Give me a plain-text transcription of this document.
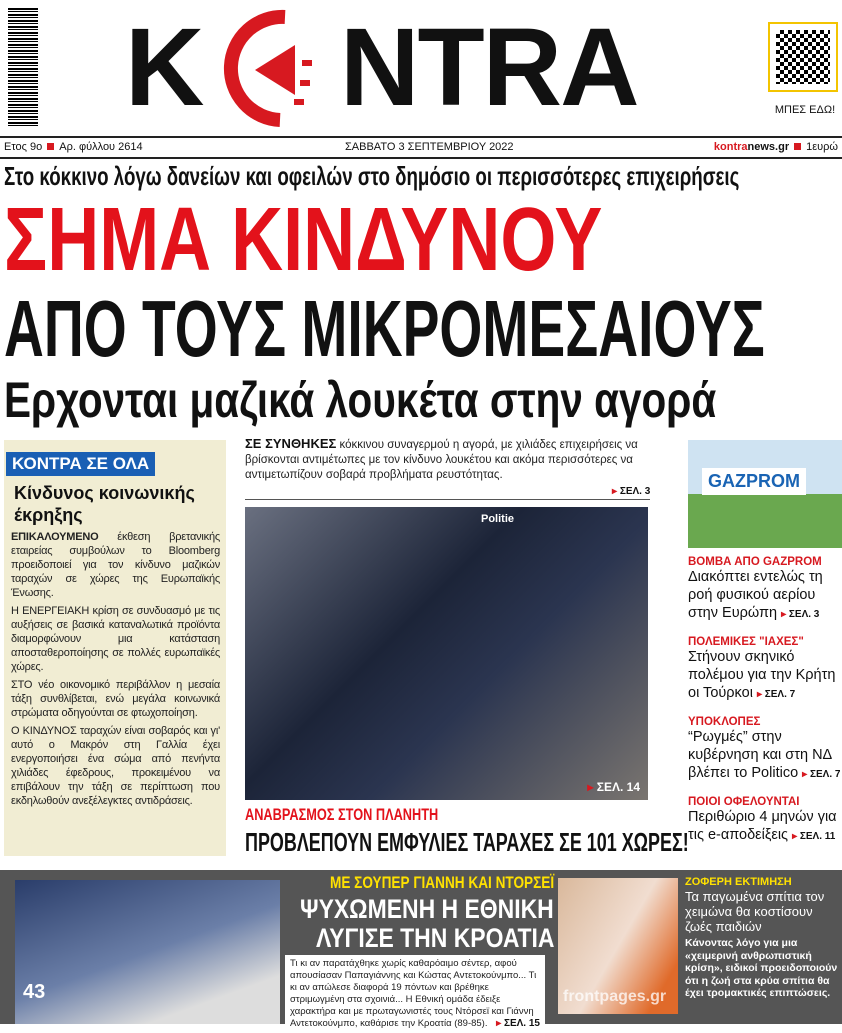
K NTRA	ΜΠΕΣ ΕΔΩ!
Ετος 9ο Αρ. φύλλου 2614	ΣΑΒΒΑΤΟ 3 ΣΕΠΤΕΜΒΡΙΟΥ 2022	kontranews.gr 1ευρώ
Στο κόκκινο λόγω δανείων και οφειλών στο δημόσιο οι περισσότερες επιχειρήσεις
ΣΗΜΑ ΚΙΝΔΥΝΟΥ
ΑΠΟ ΤΟΥΣ ΜΙΚΡΟΜΕΣΑΙΟΥΣ
Ερχονται μαζικά λουκέτα στην αγορά
ΚΟΝΤΡΑ ΣΕ ΟΛΑ
Κίνδυνος κοινωνικής έκρηξης

ΕΠΙΚΑΛΟΥΜΕΝΟ έκθεση βρετανικής εταιρείας συμβούλων το Bloomberg προειδοποιεί για τον κίνδυνο μαζικών ταραχών σε χώρες της Ευρωπαϊκής Ένωσης.

Η ΕΝΕΡΓΕΙΑΚΗ κρίση σε συνδυασμό με τις αυξήσεις σε βασικά καταναλωτικά προϊόντα διαμορφώνουν μια κατάσταση αποσταθεροποίησης σε πολλές ευρωπαϊκές χώρες.

ΣΤΟ νέο οικονομικό περιβάλλον η μεσαία τάξη συνθλίβεται, ενώ μεγάλα κοινωνικά στρώματα οδηγούνται σε φτωχοποίηση.

Ο ΚΙΝΔΥΝΟΣ ταραχών είναι σοβαρός και γι' αυτό ο Μακρόν στη Γαλλία έχει ενεργοποιήσει ένα σώμα από πενήντα χιλιάδες έφεδρους, προκειμένου να επιβάλουν την τάξη σε περίπτωση που εκδηλωθούν ανεξέλεγκτες αντιδράσεις.

ΣΕ ΣΥΝΘΗΚΕΣ κόκκινου συναγερμού η αγορά, με χιλιάδες επιχειρήσεις να βρίσκονται αντιμέτωπες με τον κίνδυνο λουκέτου και ακόμα περισσότερες να αντιμετωπίζουν σοβαρά προβλήματα ρευστότητας.
▸ ΣΕΛ. 3
Politie
▸ ΣΕΛ. 14
ΑΝΑΒΡΑΣΜΟΣ ΣΤΟΝ ΠΛΑΝΗΤΗ
ΠΡΟΒΛΕΠΟΥΝ ΕΜΦΥΛΙΕΣ ΤΑΡΑΧΕΣ ΣΕ 101 ΧΩΡΕΣ!
GAZPROM
ΒΟΜΒΑ ΑΠΟ GAZPROM
Διακόπτει εντελώς τη ροή φυσικού αερίου στην Ευρώπη ▸ ΣΕΛ. 3
ΠΟΛΕΜΙΚΕΣ "ΙΑΧΕΣ"
Στήνουν σκηνικό πολέμου για την Κρήτη οι Τούρκοι ▸ ΣΕΛ. 7
ΥΠΟΚΛΟΠΕΣ
“Ρωγμές” στην κυβέρνηση και στη ΝΔ βλέπει το Politico ▸ ΣΕΛ. 7
ΠΟΙΟΙ ΟΦΕΛΟΥΝΤΑΙ
Περιθώριο 4 μηνών για τις e-αποδείξεις ▸ ΣΕΛ. 11
43
ΜΕ ΣΟΥΠΕΡ ΓΙΑΝΝΗ ΚΑΙ ΝΤΟΡΣΕΪ
ΨΥΧΩΜΕΝΗ Η ΕΘΝΙΚΗ
ΛΥΓΙΣΕ ΤΗΝ ΚΡΟΑΤΙΑ
Τι κι αν παρατάχθηκε χωρίς καθαρόαιμο σέντερ, αφού απουσίασαν Παπαγιάννης και Κώστας Αντετοκούνμπο... Τι κι αν απώλεσε διαφορά 19 πόντων και βρέθηκε στριμωγμένη στα σχοινιά... Η Εθνική ομάδα έδειξε χαρακτήρα και με πρωταγωνιστές τους Ντόρσεϊ και Γιάννη Αντετοκούνμπο, καθάρισε την Κροατία (89-85).	▸ ΣΕΛ. 15
frontpages.gr
ΖΟΦΕΡΗ ΕΚΤΙΜΗΣΗ
Τα παγωμένα σπίτια τον χειμώνα θα κοστίσουν ζωές παιδιών
Κάνοντας λόγο για μια «χειμερινή ανθρωπιστική κρίση», ειδικοί προειδοποιούν ότι η ζωή στα κρύα σπίτια θα έχει τρομακτικές επιπτώσεις.
